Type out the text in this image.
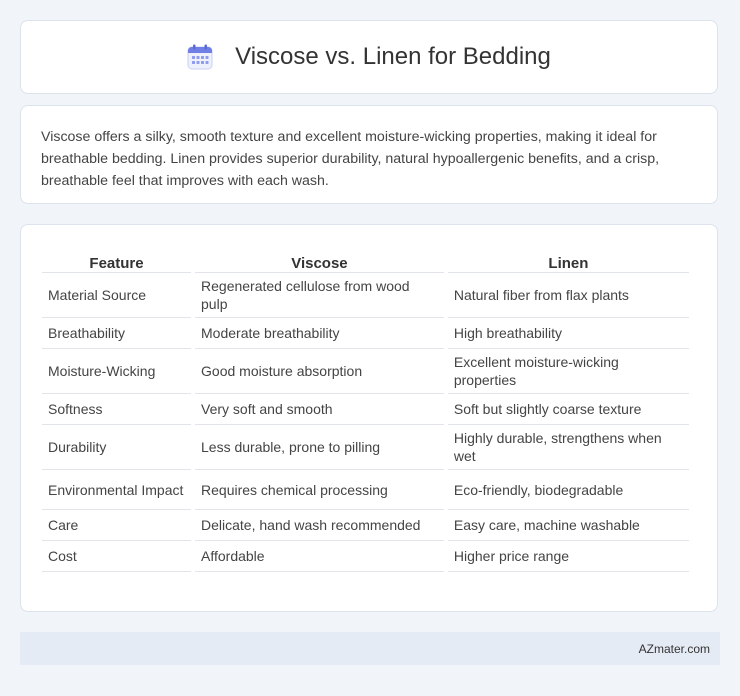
Viscose vs. Linen for Bedding

Viscose offers a silky, smooth texture and excellent moisture-wicking properties, making it ideal for breathable bedding. Linen provides superior durability, natural hypoallergenic benefits, and a crisp, breathable feel that improves with each wash.

Feature	Viscose	Linen
Material Source	Regenerated cellulose from wood pulp	Natural fiber from flax plants
Breathability	Moderate breathability	High breathability
Moisture-Wicking	Good moisture absorption	Excellent moisture-wicking properties
Softness	Very soft and smooth	Soft but slightly coarse texture
Durability	Less durable, prone to pilling	Highly durable, strengthens when wet
Environmental Impact	Requires chemical processing	Eco-friendly, biodegradable
Care	Delicate, hand wash recommended	Easy care, machine washable
Cost	Affordable	Higher price range
AZmater.com
